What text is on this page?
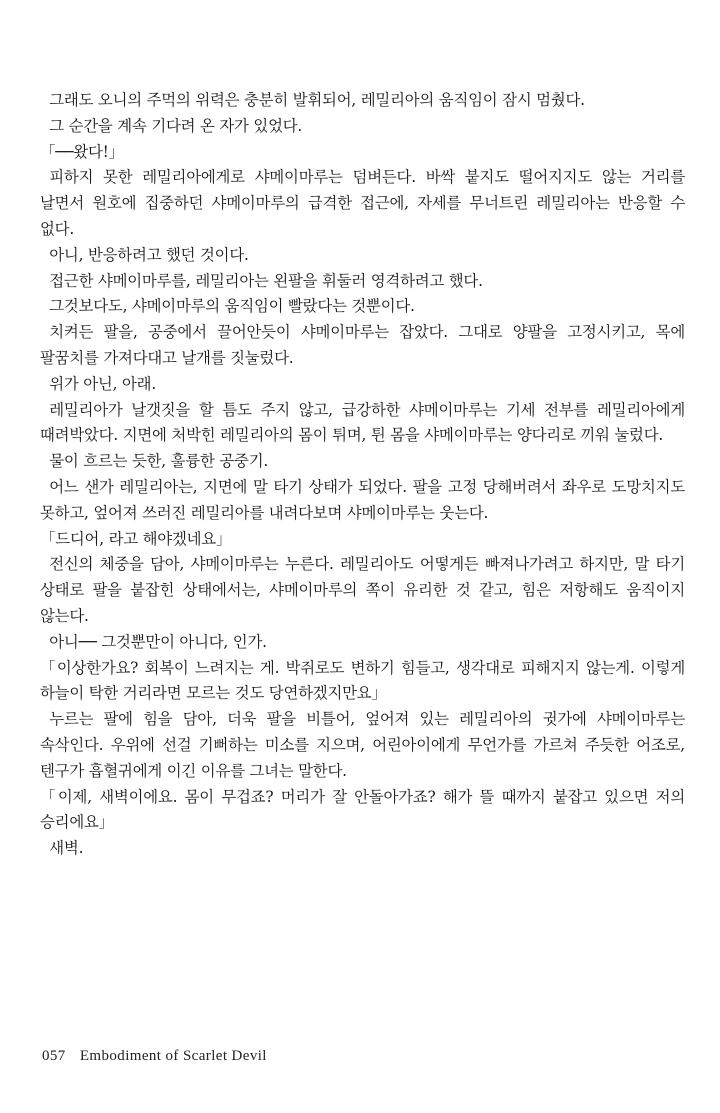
그래도 오니의 주먹의 위력은 충분히 발휘되어, 레밀리아의 움직임이 잠시 멈췄다.

그 순간을 계속 기다려 온 자가 있었다.

「──왔다!」

피하지 못한 레밀리아에게로 샤메이마루는 덤벼든다. 바싹 붙지도 떨어지지도 않는 거리를 날면서 원호에 집중하던 샤메이마루의 급격한 접근에, 자세를 무너트린 레밀리아는 반응할 수 없다.

아니, 반응하려고 했던 것이다.

접근한 샤메이마루를, 레밀리아는 왼팔을 휘둘러 영격하려고 했다.

그것보다도, 샤메이마루의 움직임이 빨랐다는 것뿐이다.

치켜든 팔을, 공중에서 끌어안듯이 샤메이마루는 잡았다. 그대로 양팔을 고정시키고, 목에 팔꿈치를 가져다대고 날개를 짓눌렀다.

위가 아닌, 아래.

레밀리아가 날갯짓을 할 틈도 주지 않고, 급강하한 샤메이마루는 기세 전부를 레밀리아에게 때려박았다. 지면에 처박힌 레밀리아의 몸이 튀며, 튄 몸을 샤메이마루는 양다리로 끼워 눌렀다.

물이 흐르는 듯한, 훌륭한 공중기.

어느 샌가 레밀리아는, 지면에 말 타기 상태가 되었다. 팔을 고정 당해버려서 좌우로 도망치지도 못하고, 엎어져 쓰러진 레밀리아를 내려다보며 샤메이마루는 웃는다.

「드디어, 라고 해야겠네요」

전신의 체중을 담아, 샤메이마루는 누른다. 레밀리아도 어떻게든 빠져나가려고 하지만, 말 타기 상태로 팔을 붙잡힌 상태에서는, 샤메이마루의 쪽이 유리한 것 같고, 힘은 저항해도 움직이지 않는다.

아니── 그것뿐만이 아니다, 인가.

「이상한가요? 회복이 느려지는 게. 박쥐로도 변하기 힘들고, 생각대로 피해지지 않는게. 이렇게 하늘이 탁한 거리라면 모르는 것도 당연하겠지만요」

누르는 팔에 힘을 담아, 더욱 팔을 비틀어, 엎어져 있는 레밀리아의 귓가에 샤메이마루는 속삭인다. 우위에 선걸 기뻐하는 미소를 지으며, 어린아이에게 무언가를 가르쳐 주듯한 어조로, 텐구가 흡혈귀에게 이긴 이유를 그녀는 말한다.

「이제, 새벽이에요. 몸이 무겁죠? 머리가 잘 안돌아가죠? 해가 뜰 때까지 붙잡고 있으면 저의 승리에요」

새벽.

057 Embodiment of Scarlet Devil
